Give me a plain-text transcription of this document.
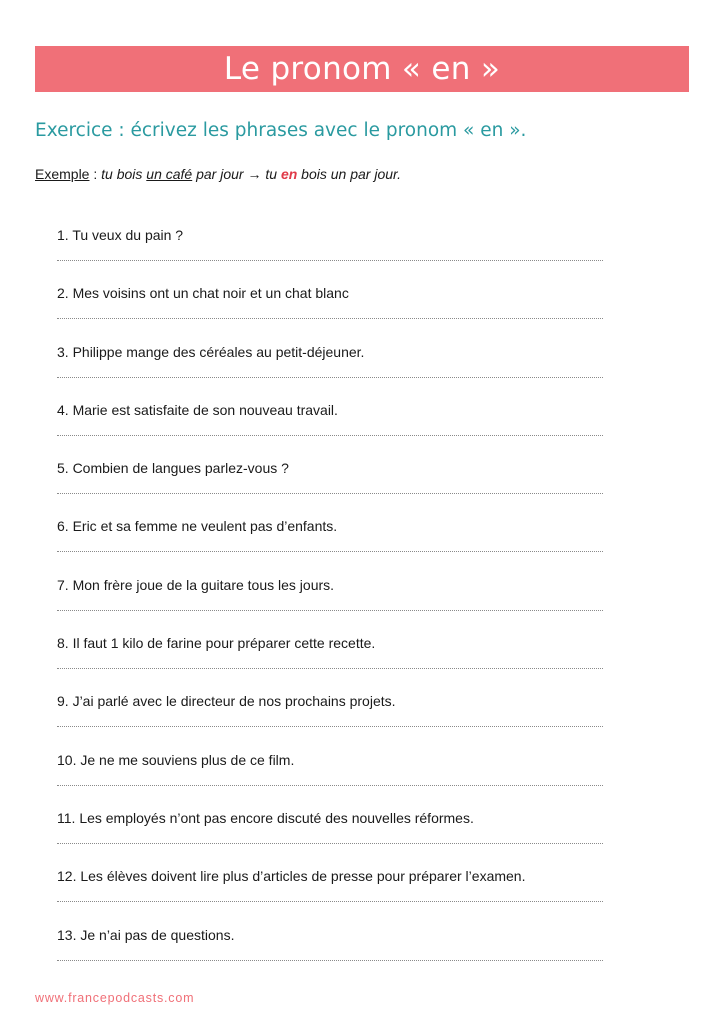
Le pronom « en »
Exercice : écrivez les phrases avec le pronom « en ».
Exemple : tu bois un café par jour → tu en bois un par jour.
1. Tu veux du pain ?
2. Mes voisins ont un chat noir et un chat blanc
3. Philippe mange des céréales au petit-déjeuner.
4. Marie est satisfaite de son nouveau travail.
5. Combien de langues parlez-vous ?
6. Eric et sa femme ne veulent pas d’enfants.
7. Mon frère joue de la guitare tous les jours.
8. Il faut 1 kilo de farine pour préparer cette recette.
9. J’ai parlé avec le directeur de nos prochains projets.
10. Je ne me souviens plus de ce film.
11. Les employés n’ont pas encore discuté des nouvelles réformes.
12. Les élèves doivent lire plus d’articles de presse pour préparer l’examen.
13. Je n’ai pas de questions.
www.francepodcasts.com
